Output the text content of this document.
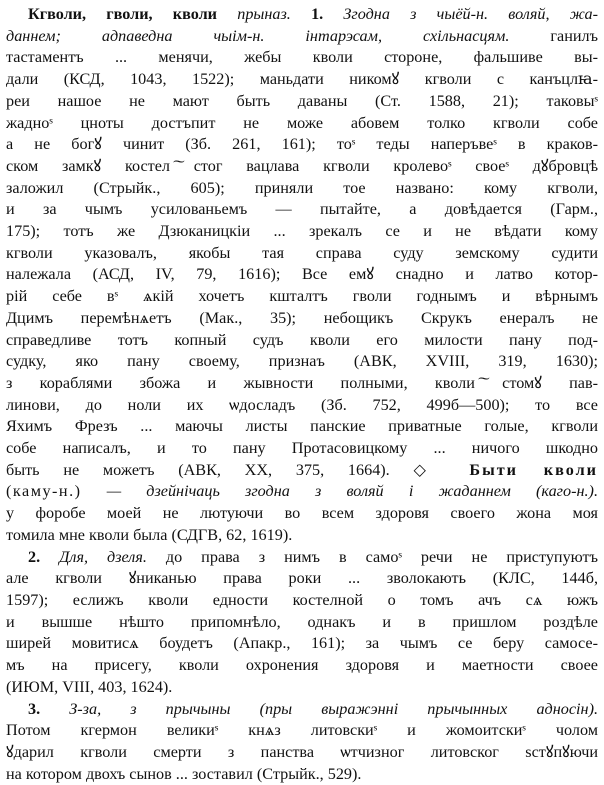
Кгволи, гволи, кволи прыназ. 1. Згодна з чыёй-н. воляй, жа-
даннем; адпаведна чыім-н. інтарэсам, схільнасцям.	ганилъ
тастаментъ ... менячи, жебы кволи стороне, фальшиве вы-
дали (КСД, 1043, 1522); маньдати никомꙋ кгволи с канъцлꙗ-
реи нашое не мают быть даваны (Ст. 1588, 21); таковыˢ
жадноˢ цноты достъпит не може абовем толко кгволи собе
а не богꙋ чинит (Зб. 261, 161); тоˢ теды наперъвеˢ в краков-
ском замкꙋ костел ͠стог вацлава кгволи кролевоˢ своеˢ дꙋбровцѣ
заложил (Стрыйк., 605); приняли тое названо: кому кгволи,
и за чымъ усилованьемъ — пытайте, а довѣдается (Гарм.,
175); тотъ же Дзюканицкіи ... зрекалъ се и не вѣдати кому
кгволи указовалъ, якобы тая справа суду земскому судити
належала (АСД, IV, 79, 1616); Все емꙋ снадно и латво котор-
рій себе вˢ ѧкій хочетъ кшталтъ гволи годнымъ и вѣрнымъ
Дцимъ перемѣнѧетъ (Мак., 35); небощикъ Скрукъ енералъ не
справедливе тотъ копный судъ кволи его милости пану под-
судку, яко пану своему, признаъ (АВК, XVIII, 319, 1630);
з кораблями збожа и жывности полными, кволи ͠стомꙋ пав-
линови, до ноли их ѡдосладъ (Зб. 752, 499б—500); то все
Яхимъ Фрезъ ... маючы листы панские приватные голые, кгволи
собе написалъ, и то пану Протасовицкому ... ничого шкодно
быть не можетъ (АВК, XX, 375, 1664). ◇ Быти кволи
(каму-н.) — дзейнічаць згодна з воляй і жаданнем (каго-н.).
у форобе моей не лютуючи во всем здоровя своего жона моя
томила мне кволи была (СДГВ, 62, 1619).
2. Для, дзеля. до права з нимъ в самоˢ речи не приступуютъ
але кгволи ꙋниканью права роки ... зволокають (КЛС, 144б,
1597); еслижъ кволи едности костелной о томъ ачъ сѧ южъ
и вышше нѣшто припомнѣло, однакъ и в пришлом роздѣле
ширей мовитисѧ боудетъ (Апакр., 161); за чымъ се беру самосе-
мъ на присегу, кволи охронения здоровя и маетности своее
(ИЮМ, VIII, 403, 1624).
3. З-за, з прычыны (пры выражэнні прычынных адносін).
Потом кгермон великиˢ кнѧз литовскиˢ и жомоитскиˢ чолом
ꙋдарил кгволи смерти з панства ѡтчизног литовског ѕстꙋпꙋючи
на котором двохъ сынов ... зоставил (Стрыйк., 529).
